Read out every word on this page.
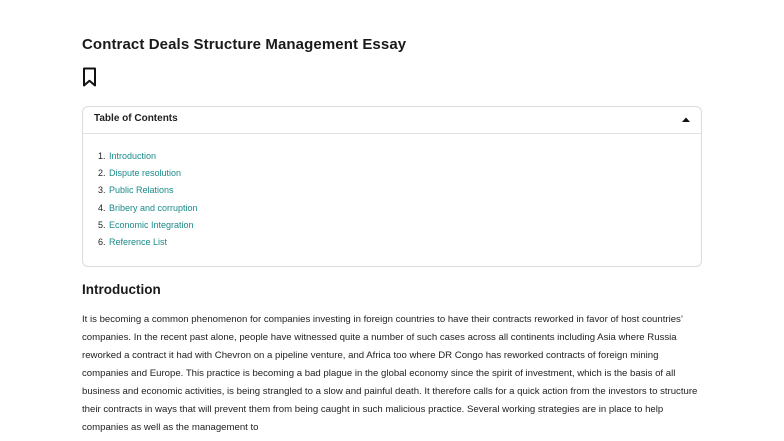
Contract Deals Structure Management Essay
Table of Contents
1. Introduction
2. Dispute resolution
3. Public Relations
4. Bribery and corruption
5. Economic Integration
6. Reference List
Introduction

It is becoming a common phenomenon for companies investing in foreign countries to have their contracts reworked in favor of host countries’ companies. In the recent past alone, people have witnessed quite a number of such cases across all continents including Asia where Russia reworked a contract it had with Chevron on a pipeline venture, and Africa too where DR Congo has reworked contracts of foreign mining companies and Europe. This practice is becoming a bad plague in the global economy since the spirit of investment, which is the basis of all business and economic activities, is being strangled to a slow and painful death. It therefore calls for a quick action from the investors to structure their contracts in ways that will prevent them from being caught in such malicious practice. Several working strategies are in place to help companies as well as the management to
